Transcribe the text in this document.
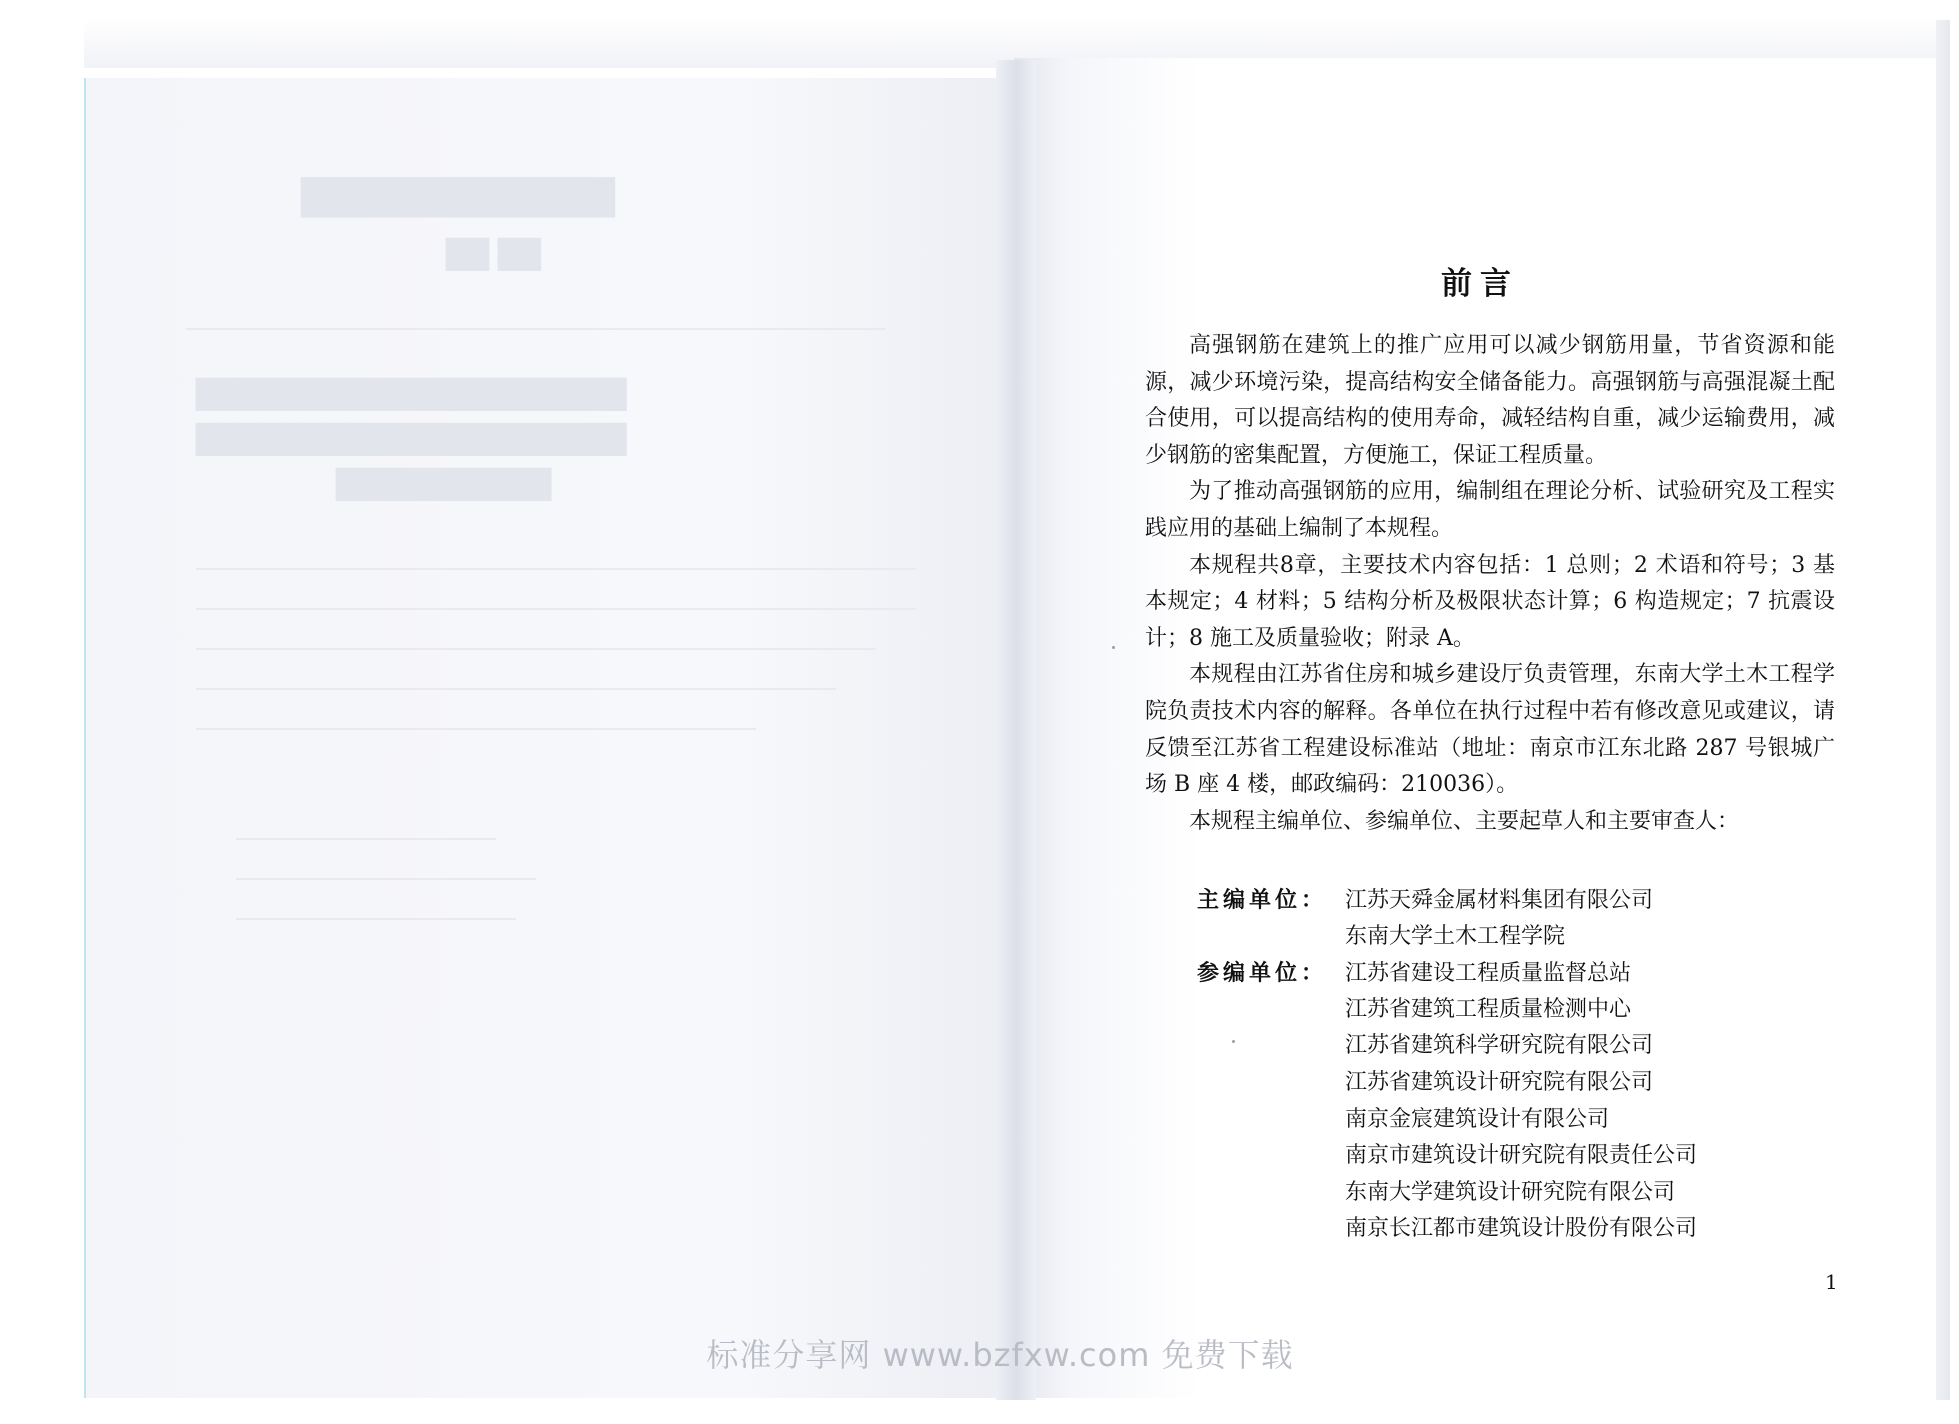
████████████
██ ██
████████████████████
████████████████████
██████████
前言

高强钢筋在建筑上的推广应用可以减少钢筋用量，节省资源和能源，减少环境污染，提高结构安全储备能力。高强钢筋与高强混凝土配合使用，可以提高结构的使用寿命，减轻结构自重，减少运输费用，减少钢筋的密集配置，方便施工，保证工程质量。

为了推动高强钢筋的应用，编制组在理论分析、试验研究及工程实践应用的基础上编制了本规程。

本规程共8章，主要技术内容包括：1 总则；2 术语和符号；3 基本规定；4 材料；5 结构分析及极限状态计算；6 构造规定；7 抗震设计；8 施工及质量验收；附录 A。

本规程由江苏省住房和城乡建设厅负责管理，东南大学土木工程学院负责技术内容的解释。各单位在执行过程中若有修改意见或建议，请反馈至江苏省工程建设标准站（地址：南京市江东北路 287 号银城广场 B 座 4 楼，邮政编码：210036）。

本规程主编单位、参编单位、主要起草人和主要审查人：

主编单位： 江苏天舜金属材料集团有限公司
东南大学土木工程学院
参编单位： 江苏省建设工程质量监督总站
江苏省建筑工程质量检测中心
江苏省建筑科学研究院有限公司
江苏省建筑设计研究院有限公司
南京金宸建筑设计有限公司
南京市建筑设计研究院有限责任公司
东南大学建筑设计研究院有限公司
南京长江都市建筑设计股份有限公司
1
标准分享网 www.bzfxw.com 免费下载
